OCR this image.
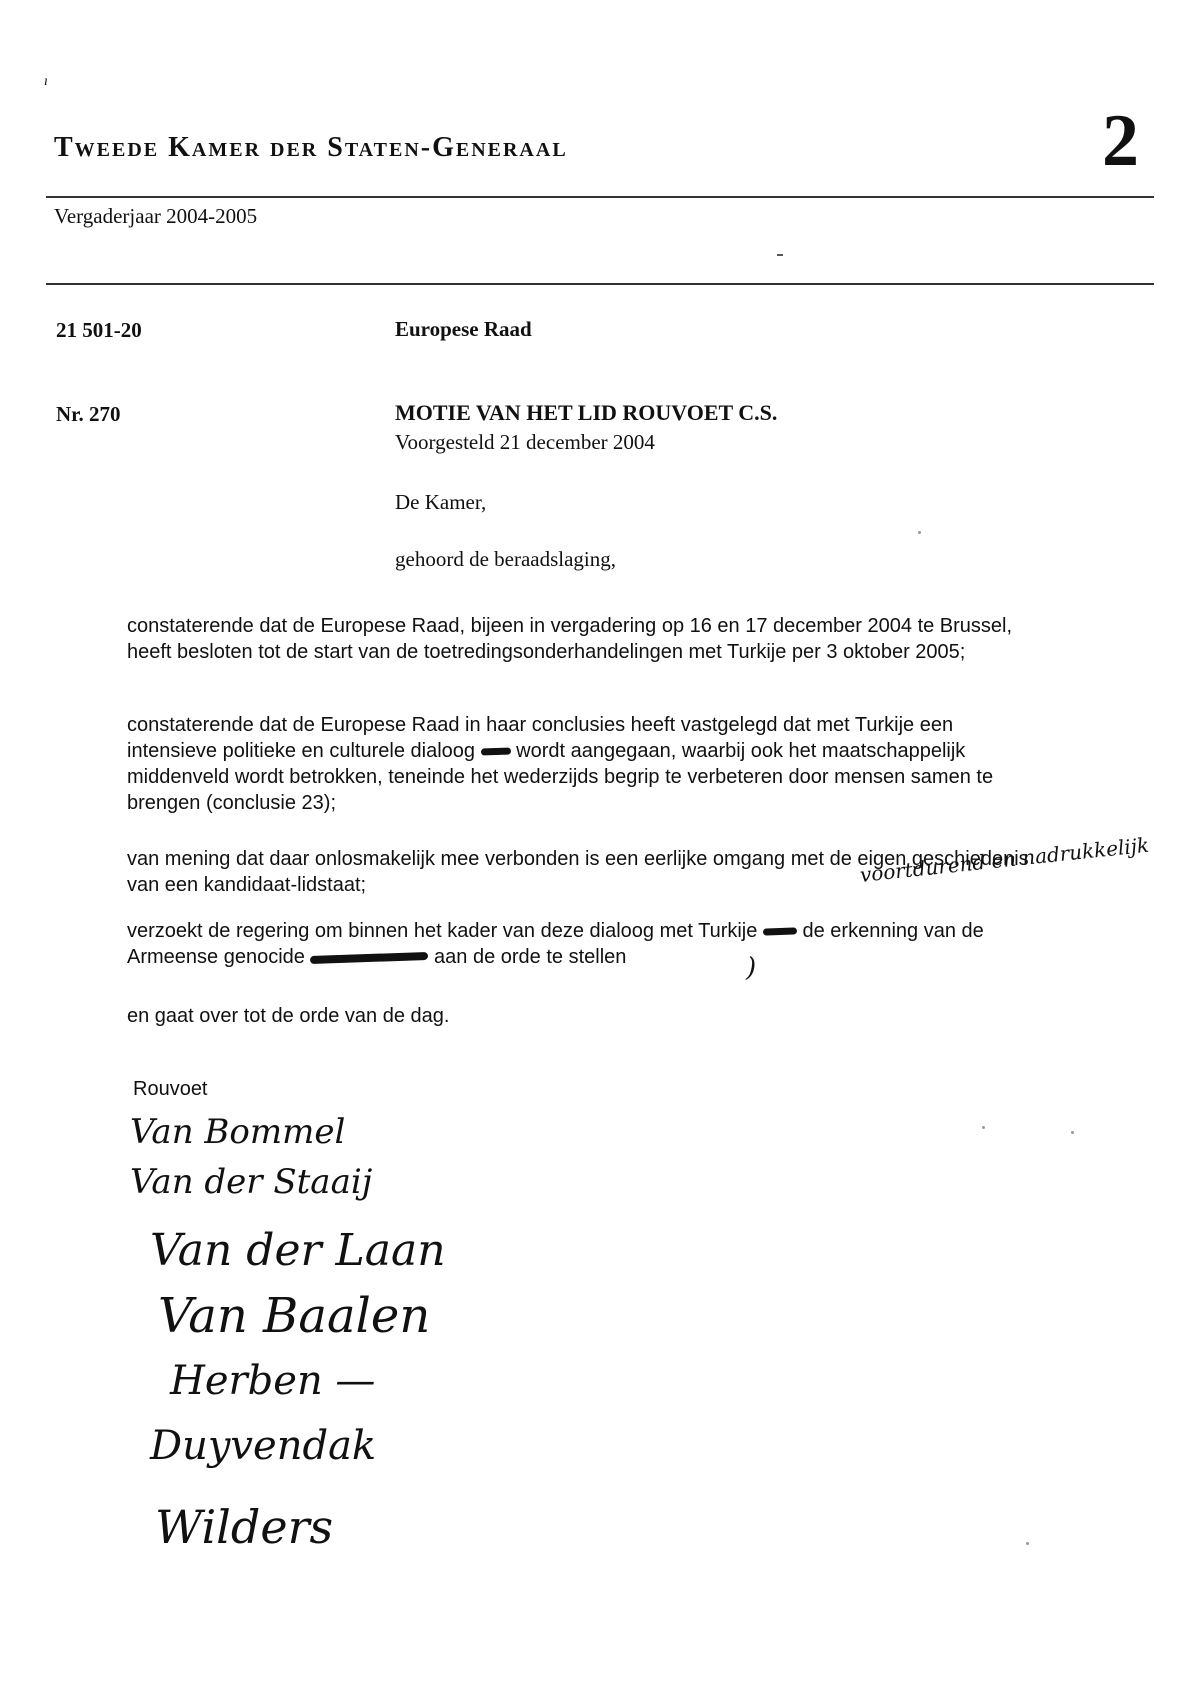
ı
Tweede Kamer der Staten-Generaal	2
Vergaderjaar 2004-2005
21 501-20	Europese Raad
Nr. 270	MOTIE VAN HET LID ROUVOET C.S.
Voorgesteld 21 december 2004
De Kamer,
gehoord de beraadslaging,

constaterende dat de Europese Raad, bijeen in vergadering op 16 en 17 december 2004 te Brussel, heeft besloten tot de start van de toetredingsonderhandelingen met Turkije per 3 oktober 2005;

constaterende dat de Europese Raad in haar conclusies heeft vastgelegd dat met Turkije een intensieve politieke en culturele dialoog wordt aangegaan, waarbij ook het maatschappelijk middenveld wordt betrokken, teneinde het wederzijds begrip te verbeteren door mensen samen te brengen (conclusie 23);

van mening dat daar onlosmakelijk mee verbonden is een eerlijke omgang met de eigen geschiedenis van een kandidaat-lidstaat;	voortdurend en nadrukkelijk

verzoekt de regering om binnen het kader van deze dialoog met Turkije de erkenning van de Armeense genocide	aan de orde te stellen	)

en gaat over tot de orde van de dag.

Rouvoet
Van Bommel
Van der Staaij
Van der Laan
Van Baalen
Herben —
Duyvendak
Wilders
